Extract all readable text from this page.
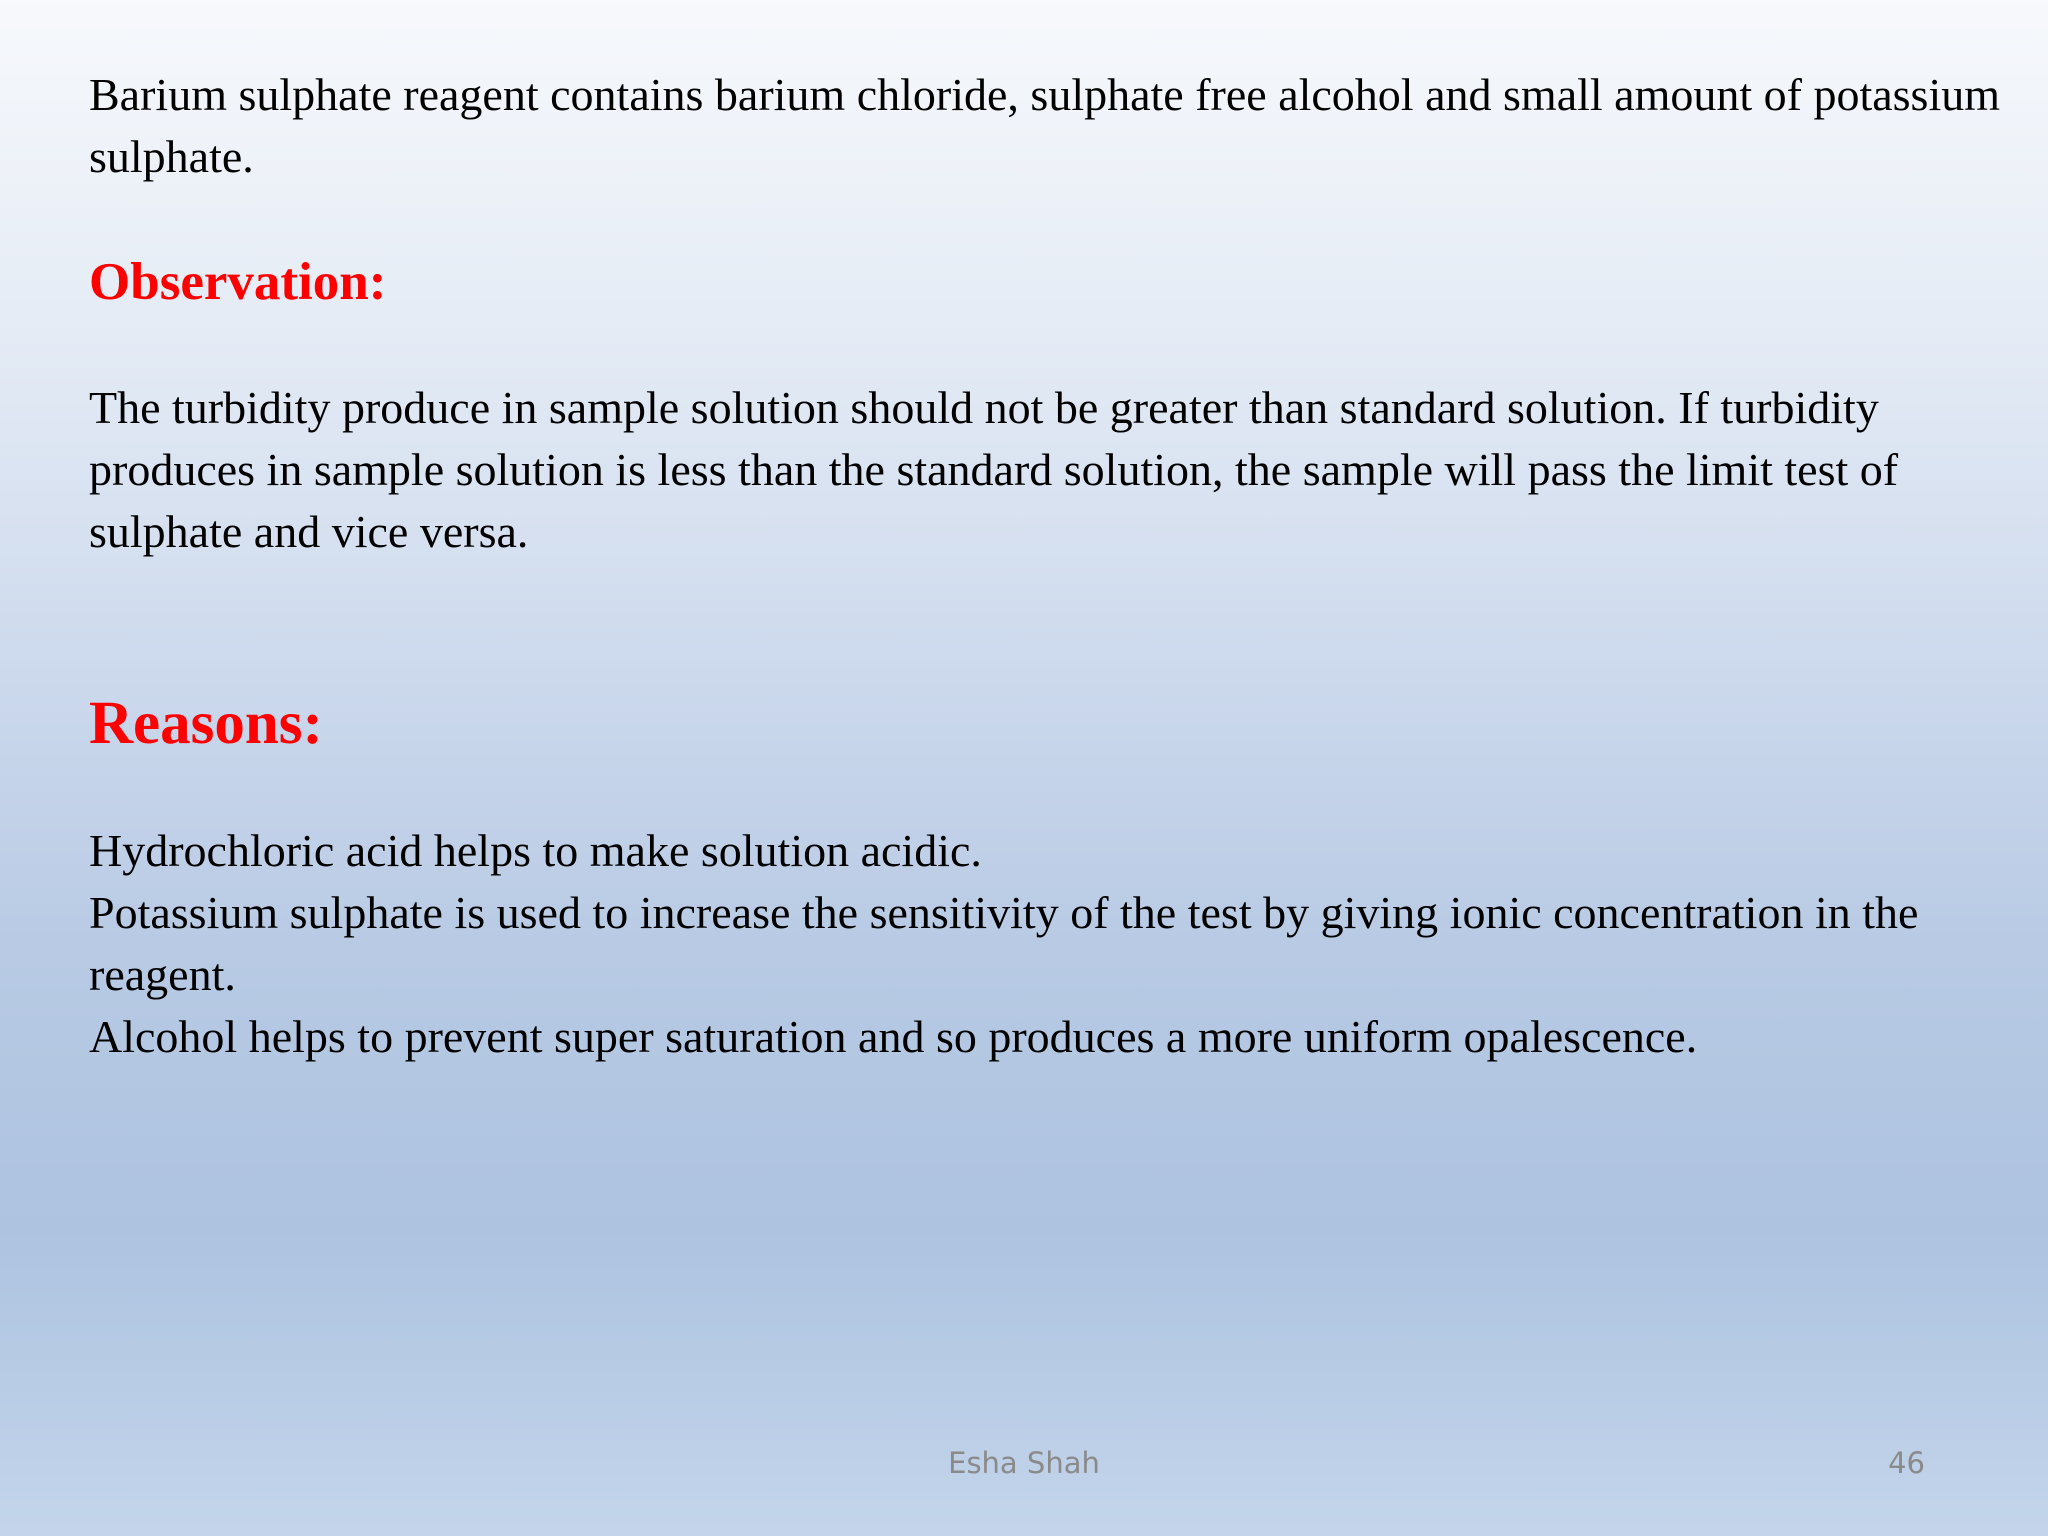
Barium sulphate reagent contains barium chloride, sulphate free alcohol and small amount of potassium sulphate.

Observation:

The turbidity produce in sample solution should not be greater than standard solution. If turbidity produces in sample solution is less than the standard solution, the sample will pass the limit test of sulphate and vice versa.

Reasons:

Hydrochloric acid helps to make solution acidic.

Potassium sulphate is used to increase the sensitivity of the test by giving ionic concentration in the reagent.

Alcohol helps to prevent super saturation and so produces a more uniform opalescence.

Esha Shah	46
